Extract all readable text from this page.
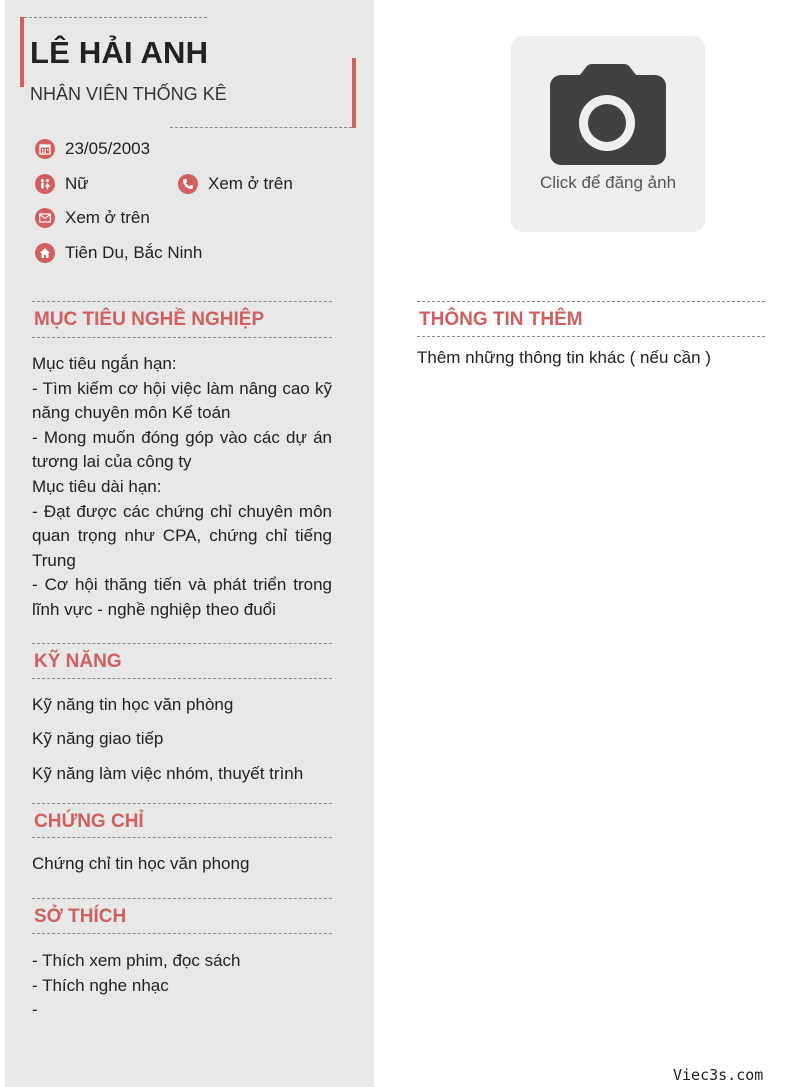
LÊ HẢI ANH
NHÂN VIÊN THỐNG KÊ
23/05/2003
Nữ	Xem ở trên
Xem ở trên
Tiên Du, Bắc Ninh
MỤC TIÊU NGHỀ NGHIỆP
Mục tiêu ngắn hạn:
- Tìm kiếm cơ hội việc làm nâng cao kỹ năng chuyên môn Kế toán
- Mong muốn đóng góp vào các dự án tương lai của công ty
Mục tiêu dài hạn:
- Đạt được các chứng chỉ chuyên môn quan trọng như CPA, chứng chỉ tiếng Trung
- Cơ hội thăng tiến và phát triển trong lĩnh vực - nghề nghiệp theo đuổi
KỸ NĂNG
Kỹ năng tin học văn phòng
Kỹ năng giao tiếp
Kỹ năng làm việc nhóm, thuyết trình
CHỨNG CHỈ
Chứng chỉ tin học văn phong
SỞ THÍCH
- Thích xem phim, đọc sách
- Thích nghe nhạc
-
Click để đăng ảnh
THÔNG TIN THÊM
Thêm những thông tin khác ( nếu cần )
Viec3s.com
